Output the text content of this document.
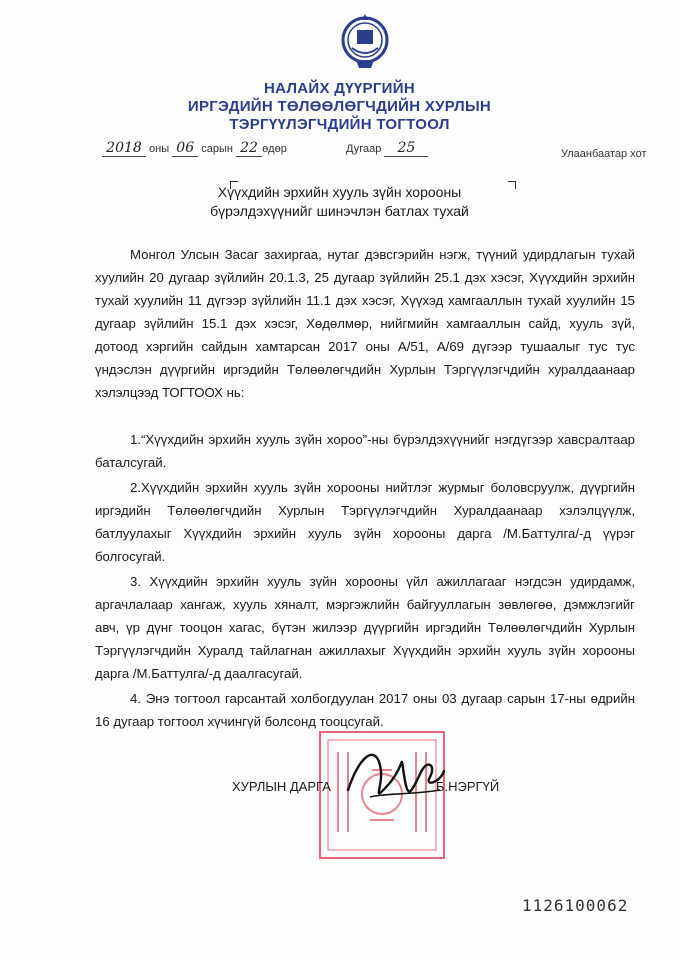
НАЛАЙХ ДҮҮРГИЙН
ИРГЭДИЙН ТӨЛӨӨЛӨГЧДИЙН ХУРЛЫН
ТЭРГҮҮЛЭГЧДИЙН ТОГТООЛ
2018 оны 06 сарын 22 өдөр	Дугаар 25	Улаанбаатар хот
Хүүхдийн эрхийн хууль зүйн хорооны
бүрэлдэхүүнийг шинэчлэн батлах тухай

Монгол Улсын Засаг захиргаа, нутаг дэвсгэрийн нэгж, түүний удирдлагын тухай хуулийн 20 дугаар зүйлийн 20.1.3, 25 дугаар зүйлийн 25.1 дэх хэсэг, Хүүхдийн эрхийн тухай хуулийн 11 дүгээр зүйлийн 11.1 дэх хэсэг, Хүүхэд хамгааллын тухай хуулийн 15 дугаар зүйлийн 15.1 дэх хэсэг, Хөдөлмөр, нийгмийн хамгааллын сайд, хууль зүй, дотоод хэргийн сайдын хамтарсан 2017 оны А/51, А/69 дүгээр тушаалыг тус тус үндэслэн дүүргийн иргэдийн Төлөөлөгчдийн Хурлын Тэргүүлэгчдийн хуралдаанаар хэлэлцээд ТОГТООХ нь:

1.“Хүүхдийн эрхийн хууль зүйн хороо”-ны бүрэлдэхүүнийг нэгдүгээр хавсралтаар баталсугай.

2.Хүүхдийн эрхийн хууль зүйн хорооны нийтлэг журмыг боловсруулж, дүүргийн иргэдийн Төлөөлөгчдийн Хурлын Тэргүүлэгчдийн Хуралдаанаар хэлэлцүүлж, батлуулахыг Хүүхдийн эрхийн хууль зүйн хорооны дарга /М.Баттулга/-д үүрэг болгосугай.

3. Хүүхдийн эрхийн хууль зүйн хорооны үйл ажиллагааг нэгдсэн удирдамж, аргачлалаар хангаж, хууль хяналт, мэргэжлийн байгууллагын зөвлөгөө, дэмжлэгийг авч, үр дүнг тооцон хагас, бүтэн жилээр дүүргийн иргэдийн Төлөөлөгчдийн Хурлын Тэргүүлэгчдийн Хуралд тайлагнан ажиллахыг Хүүхдийн эрхийн хууль зүйн хорооны дарга /М.Баттулга/-д даалгасугай.

4. Энэ тогтоол гарсантай холбогдуулан 2017 оны 03 дугаар сарын 17-ны өдрийн 16 дугаар тогтоол хүчингүй болсонд тооцсугай.

ХУРЛЫН ДАРГА	Б.НЭРГҮЙ
1126100062
